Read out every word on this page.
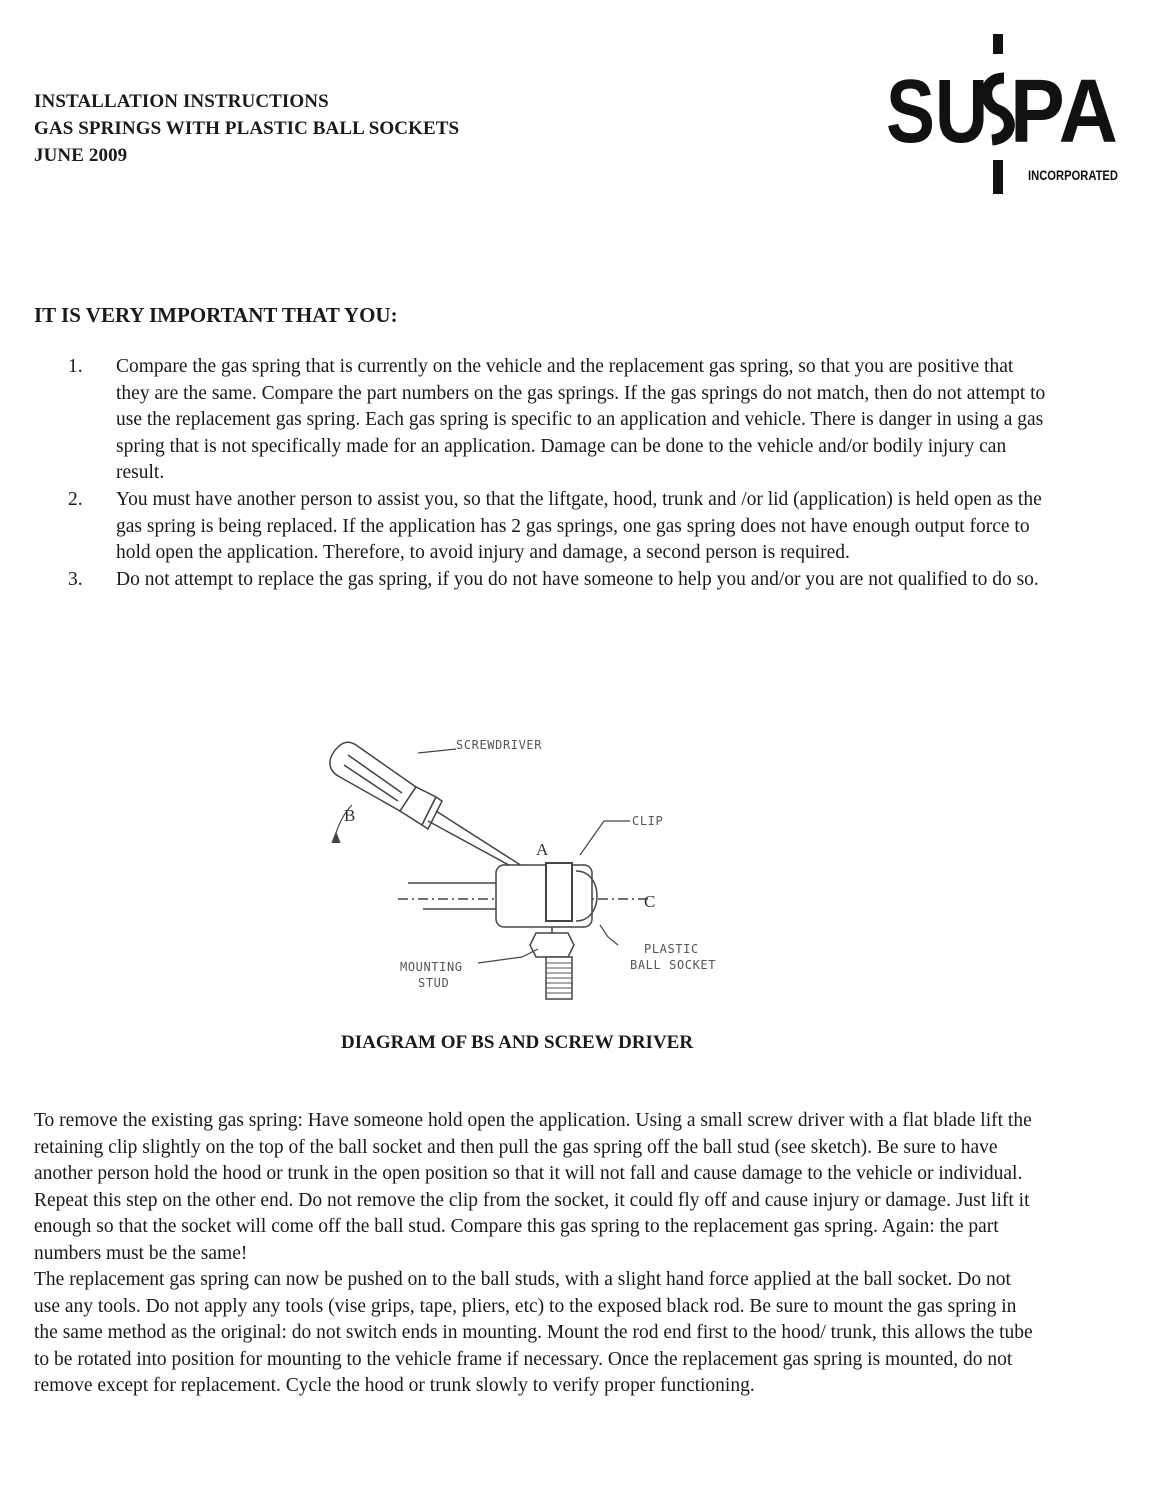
INSTALLATION INSTRUCTIONS
GAS SPRINGS WITH PLASTIC BALL SOCKETS
JUNE 2009	SU PA
INCORPORATED
IT IS VERY IMPORTANT THAT YOU:
1.	Compare the gas spring that is currently on the vehicle and the replacement gas spring, so that you are positive that they are the same. Compare the part numbers on the gas springs. If the gas springs do not match, then do not attempt to use the replacement gas spring. Each gas spring is specific to an application and vehicle. There is danger in using a gas spring that is not specifically made for an application. Damage can be done to the vehicle and/or bodily injury can result.
2.	You must have another person to assist you, so that the liftgate, hood, trunk and /or lid (application) is held open as the gas spring is being replaced. If the application has 2 gas springs, one gas spring does not have enough output force to hold open the application. Therefore, to avoid injury and damage, a second person is required.
3.	Do not attempt to replace the gas spring, if you do not have someone to help you and/or you are not qualified to do so.
SCREWDRIVER
CLIP
PLASTIC
BALL SOCKET
MOUNTING
STUD
A
B
C
DIAGRAM OF BS AND SCREW DRIVER

To remove the existing gas spring: Have someone hold open the application. Using a small screw driver with a flat blade lift the retaining clip slightly on the top of the ball socket and then pull the gas spring off the ball stud (see sketch). Be sure to have another person hold the hood or trunk in the open position so that it will not fall and cause damage to the vehicle or individual. Repeat this step on the other end. Do not remove the clip from the socket, it could fly off and cause injury or damage. Just lift it enough so that the socket will come off the ball stud. Compare this gas spring to the replacement gas spring. Again: the part numbers must be the same!

The replacement gas spring can now be pushed on to the ball studs, with a slight hand force applied at the ball socket. Do not use any tools. Do not apply any tools (vise grips, tape, pliers, etc) to the exposed black rod. Be sure to mount the gas spring in the same method as the original: do not switch ends in mounting. Mount the rod end first to the hood/ trunk, this allows the tube to be rotated into position for mounting to the vehicle frame if necessary. Once the replacement gas spring is mounted, do not remove except for replacement. Cycle the hood or trunk slowly to verify proper functioning.
